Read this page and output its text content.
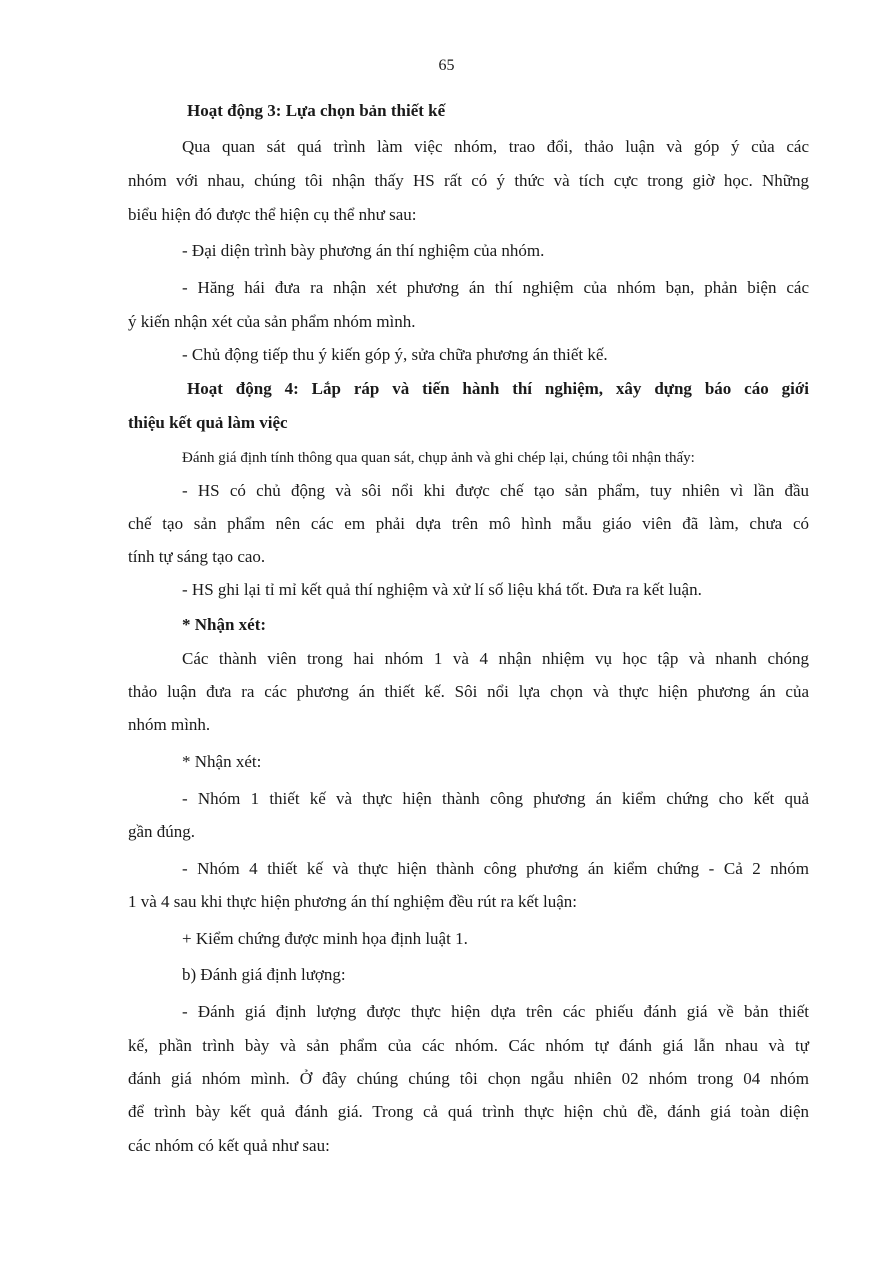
65
Hoạt động 3: Lựa chọn bản thiết kế
Qua quan sát quá trình làm việc nhóm, trao đổi, thảo luận và góp ý của các
nhóm với nhau, chúng tôi nhận thấy HS rất có ý thức và tích cực trong giờ học. Những
biểu hiện đó được thể hiện cụ thể như sau:
- Đại diện trình bày phương án thí nghiệm của nhóm.
- Hăng hái đưa ra nhận xét phương án thí nghiệm của nhóm bạn, phản biện các
ý kiến nhận xét của sản phẩm nhóm mình.
- Chủ động tiếp thu ý kiến góp ý, sửa chữa phương án thiết kế.
Hoạt động 4: Lắp ráp và tiến hành thí nghiệm, xây dựng báo cáo giới
thiệu kết quả làm việc
Đánh giá định tính thông qua quan sát, chụp ảnh và ghi chép lại, chúng tôi nhận thấy:
- HS có chủ động và sôi nổi khi được chế tạo sản phẩm, tuy nhiên vì lần đầu
chế tạo sản phẩm nên các em phải dựa trên mô hình mẫu giáo viên đã làm, chưa có
tính tự sáng tạo cao.
- HS ghi lại tỉ mỉ kết quả thí nghiệm và xử lí số liệu khá tốt. Đưa ra kết luận.
* Nhận xét:
Các thành viên trong hai nhóm 1 và 4 nhận nhiệm vụ học tập và nhanh chóng
thảo luận đưa ra các phương án thiết kế. Sôi nổi lựa chọn và thực hiện phương án của
nhóm mình.
* Nhận xét:
- Nhóm 1 thiết kế và thực hiện thành công phương án kiểm chứng cho kết quả
gần đúng.
- Nhóm 4 thiết kế và thực hiện thành công phương án kiểm chứng - Cả 2 nhóm
1 và 4 sau khi thực hiện phương án thí nghiệm đều rút ra kết luận:
+ Kiểm chứng được minh họa định luật 1.
b) Đánh giá định lượng:
- Đánh giá định lượng được thực hiện dựa trên các phiếu đánh giá về bản thiết
kế, phần trình bày và sản phẩm của các nhóm. Các nhóm tự đánh giá lẫn nhau và tự
đánh giá nhóm mình. Ở đây chúng chúng tôi chọn ngẫu nhiên 02 nhóm trong 04 nhóm
để trình bày kết quả đánh giá. Trong cả quá trình thực hiện chủ đề, đánh giá toàn diện
các nhóm có kết quả như sau:
